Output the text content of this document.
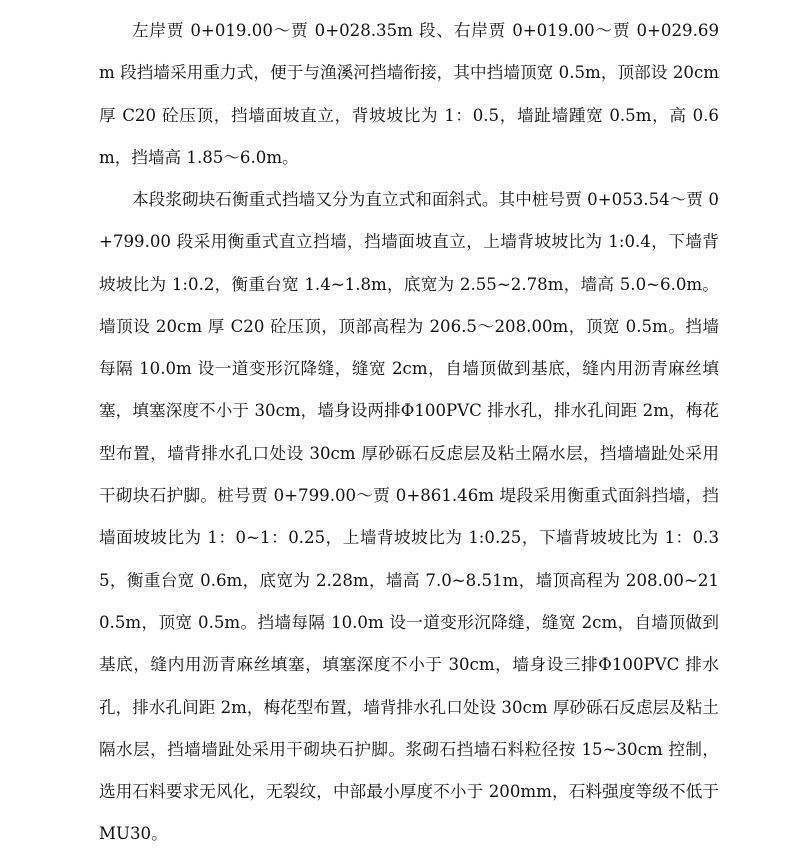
左岸贾 0+019.00～贾 0+028.35m 段、右岸贾 0+019.00～贾 0+029.69m 段挡墙采用重力式，便于与渔溪河挡墙衔接，其中挡墙顶宽 0.5m，顶部设 20cm 厚 C20 砼压顶，挡墙面坡直立，背坡坡比为 1：0.5，墙趾墙踵宽 0.5m，高 0.6m，挡墙高 1.85～6.0m。

本段浆砌块石衡重式挡墙又分为直立式和面斜式。其中桩号贾 0+053.54～贾 0+799.00 段采用衡重式直立挡墙，挡墙面坡直立，上墙背坡坡比为 1:0.4，下墙背坡坡比为 1:0.2，衡重台宽 1.4~1.8m，底宽为 2.55~2.78m，墙高 5.0~6.0m。墙顶设 20cm 厚 C20 砼压顶，顶部高程为 206.5～208.00m，顶宽 0.5m。挡墙每隔 10.0m 设一道变形沉降缝，缝宽 2cm，自墙顶做到基底，缝内用沥青麻丝填塞，填塞深度不小于 30cm，墙身设两排Φ100PVC 排水孔，排水孔间距 2m，梅花型布置，墙背排水孔口处设 30cm 厚砂砾石反虑层及粘土隔水层，挡墙墙趾处采用干砌块石护脚。桩号贾 0+799.00～贾 0+861.46m 堤段采用衡重式面斜挡墙，挡墙面坡坡比为 1：0~1：0.25，上墙背坡坡比为 1:0.25，下墙背坡坡比为 1：0.35，衡重台宽 0.6m，底宽为 2.28m，墙高 7.0~8.51m，墙顶高程为 208.00~210.5m，顶宽 0.5m。挡墙每隔 10.0m 设一道变形沉降缝，缝宽 2cm，自墙顶做到基底，缝内用沥青麻丝填塞，填塞深度不小于 30cm，墙身设三排Φ100PVC 排水孔，排水孔间距 2m，梅花型布置，墙背排水孔口处设 30cm 厚砂砾石反虑层及粘土隔水层，挡墙墙趾处采用干砌块石护脚。浆砌石挡墙石料粒径按 15~30cm 控制，选用石料要求无风化，无裂纹，中部最小厚度不小于 200mm，石料强度等级不低于 MU30。
